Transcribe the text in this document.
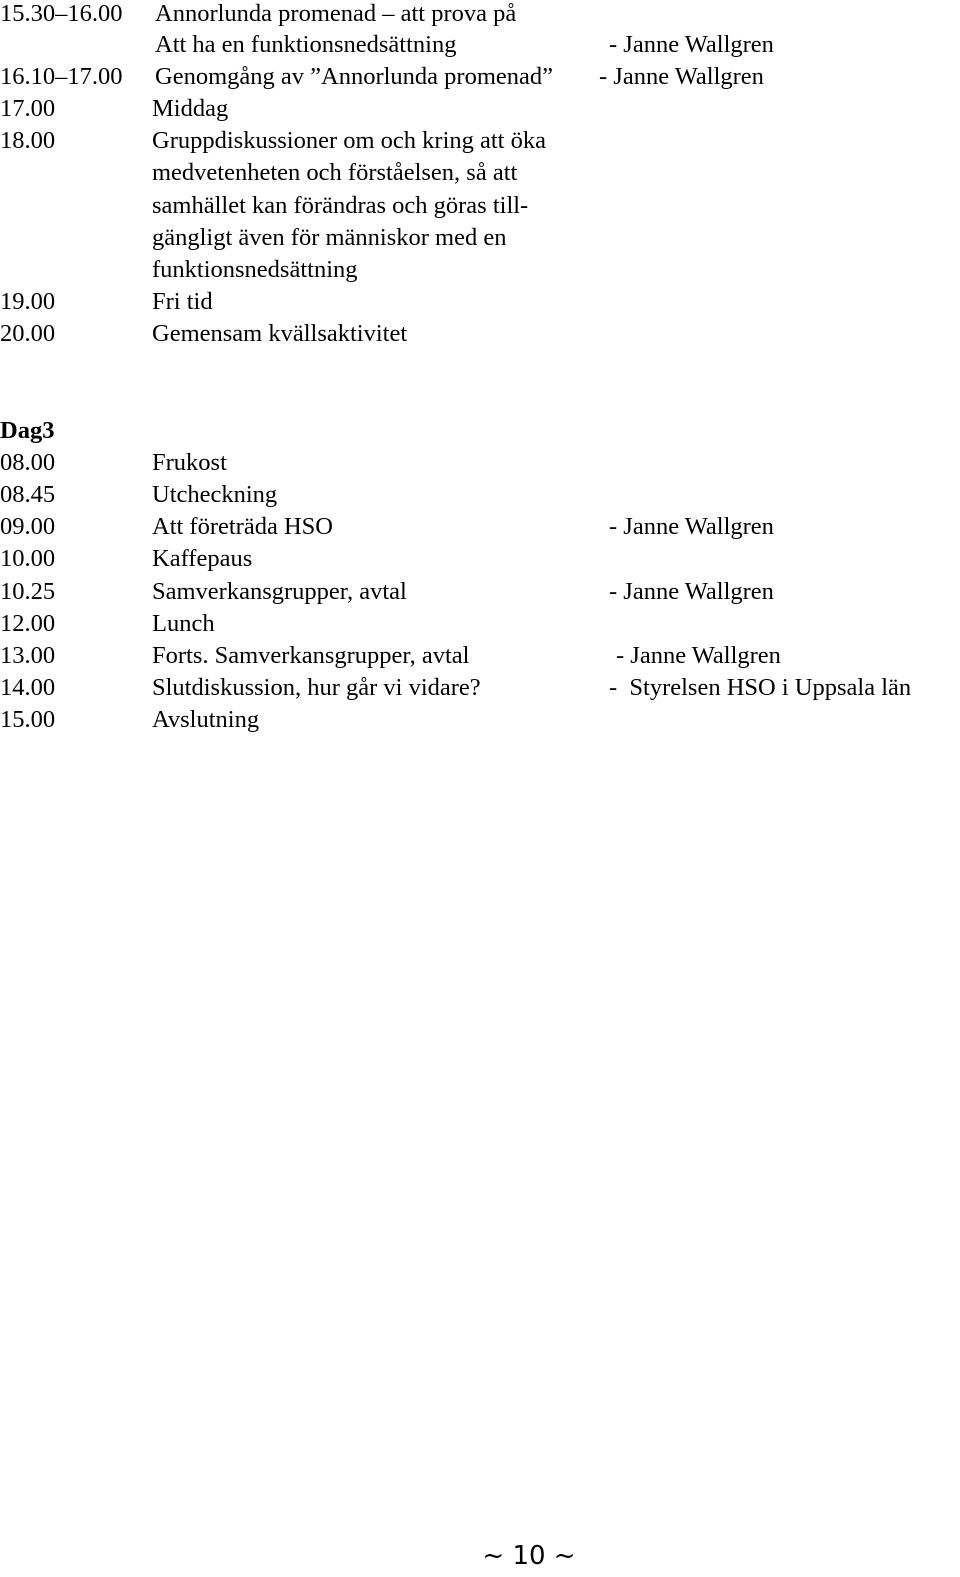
15.30–16.00 Annorlunda promenad – att prova på
Att ha en funktionsnedsättning	- Janne Wallgren
16.10–17.00 Genomgång av ”Annorlunda promenad” - Janne Wallgren
17.00	Middag
18.00	Gruppdiskussioner om och kring att öka
medvetenheten och förståelsen, så att
samhället kan förändras och göras till-
gängligt även för människor med en
funktionsnedsättning
19.00	Fri tid
20.00	Gemensam kvällsaktivitet
Dag3
08.00	Frukost
08.45	Utcheckning
09.00	Att företräda HSO	- Janne Wallgren
10.00	Kaffepaus
10.25	Samverkansgrupper, avtal	- Janne Wallgren
12.00	Lunch
13.00	Forts. Samverkansgrupper, avtal	- Janne Wallgren
14.00	Slutdiskussion, hur går vi vidare?	-  Styrelsen HSO i Uppsala län
15.00	Avslutning
~ 10 ~
